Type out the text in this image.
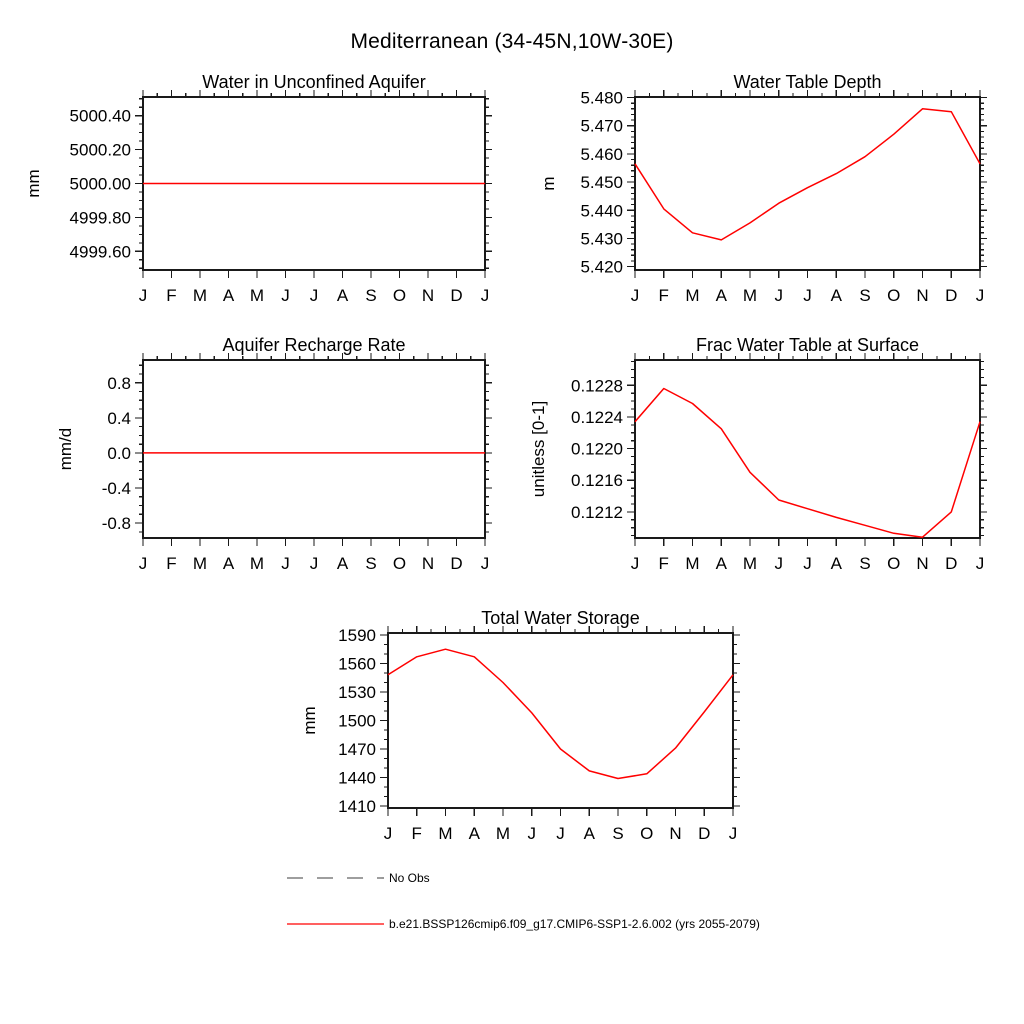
Mediterranean (34-45N,10W-30E)
J F M A M J J A S O N D J
5000.40
5000.20
5000.00
4999.80
4999.60
Water in Unconfined Aquifer
mm
J F M A M J J A S O N D J
5.480
5.470
5.460
5.450
5.440
5.430
5.420
Water Table Depth
m
J F M A M J J A S O N D J
0.8
0.4
0.0
-0.4
-0.8
Aquifer Recharge Rate
mm/d
J F M A M J J A S O N D J
0.1228
0.1224
0.1220
0.1216
0.1212
Frac Water Table at Surface
unitless [0-1]
J F M A M J J A S O N D J
1590
1560
1530
1500
1470
1440
1410
Total Water Storage
mm
No Obs
b.e21.BSSP126cmip6.f09_g17.CMIP6-SSP1-2.6.002 (yrs 2055-2079)
